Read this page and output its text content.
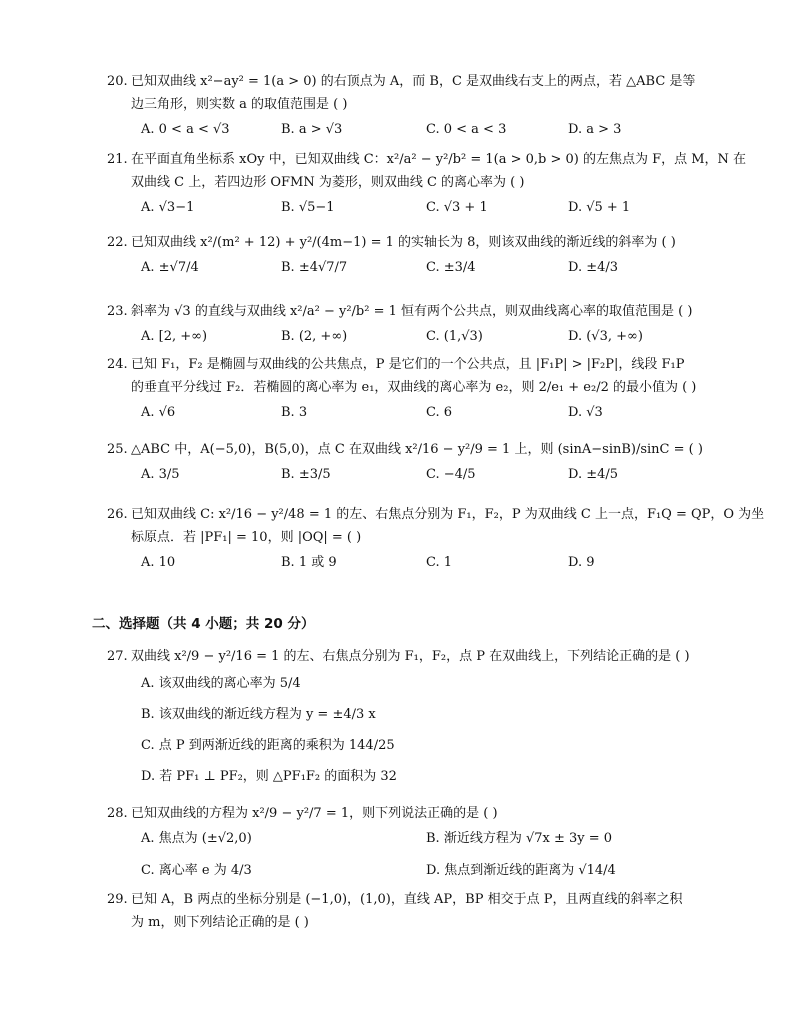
20. 已知双曲线 x²−ay² = 1(a > 0) 的右顶点为 A，而 B，C 是双曲线右支上的两点，若 △ABC 是等
边三角形，则实数 a 的取值范围是 ( )
A. 0 < a < √3	B. a > √3	C. 0 < a < 3	D. a > 3
21. 在平面直角坐标系 xOy 中，已知双曲线 C：x²/a² − y²/b² = 1(a > 0,b > 0) 的左焦点为 F，点 M，N 在
双曲线 C 上，若四边形 OFMN 为菱形，则双曲线 C 的离心率为 ( )
A. √3−1	B. √5−1	C. √3 + 1	D. √5 + 1
22. 已知双曲线 x²/(m² + 12) + y²/(4m−1) = 1 的实轴长为 8，则该双曲线的渐近线的斜率为 ( )
A. ±√7/4	B. ±4√7/7	C. ±3/4	D. ±4/3
23. 斜率为 √3 的直线与双曲线 x²/a² − y²/b² = 1 恒有两个公共点，则双曲线离心率的取值范围是 ( )
A. [2, +∞)	B. (2, +∞)	C. (1,√3)	D. (√3, +∞)
24. 已知 F₁，F₂ 是椭圆与双曲线的公共焦点，P 是它们的一个公共点，且 |F₁P| > |F₂P|，线段 F₁P
的垂直平分线过 F₂．若椭圆的离心率为 e₁，双曲线的离心率为 e₂，则 2/e₁ + e₂/2 的最小值为 ( )
A. √6	B. 3	C. 6	D. √3
25. △ABC 中，A(−5,0)，B(5,0)，点 C 在双曲线 x²/16 − y²/9 = 1 上，则 (sinA−sinB)/sinC = ( )
A. 3/5	B. ±3/5	C. −4/5	D. ±4/5
26. 已知双曲线 C: x²/16 − y²/48 = 1 的左、右焦点分别为 F₁，F₂，P 为双曲线 C 上一点，F₁Q = QP，O 为坐
标原点．若 |PF₁| = 10，则 |OQ| = ( )
A. 10	B. 1 或 9	C. 1	D. 9
二、选择题（共 4 小题；共 20 分）
27. 双曲线 x²/9 − y²/16 = 1 的左、右焦点分别为 F₁，F₂，点 P 在双曲线上，下列结论正确的是 ( )
A. 该双曲线的离心率为 5/4
B. 该双曲线的渐近线方程为 y = ±4/3 x
C. 点 P 到两渐近线的距离的乘积为 144/25
D. 若 PF₁ ⊥ PF₂，则 △PF₁F₂ 的面积为 32
28. 已知双曲线的方程为 x²/9 − y²/7 = 1，则下列说法正确的是 ( )
A. 焦点为 (±√2,0)	B. 渐近线方程为 √7x ± 3y = 0
C. 离心率 e 为 4/3	D. 焦点到渐近线的距离为 √14/4
29. 已知 A，B 两点的坐标分别是 (−1,0)，(1,0)，直线 AP，BP 相交于点 P，且两直线的斜率之积
为 m，则下列结论正确的是 ( )
